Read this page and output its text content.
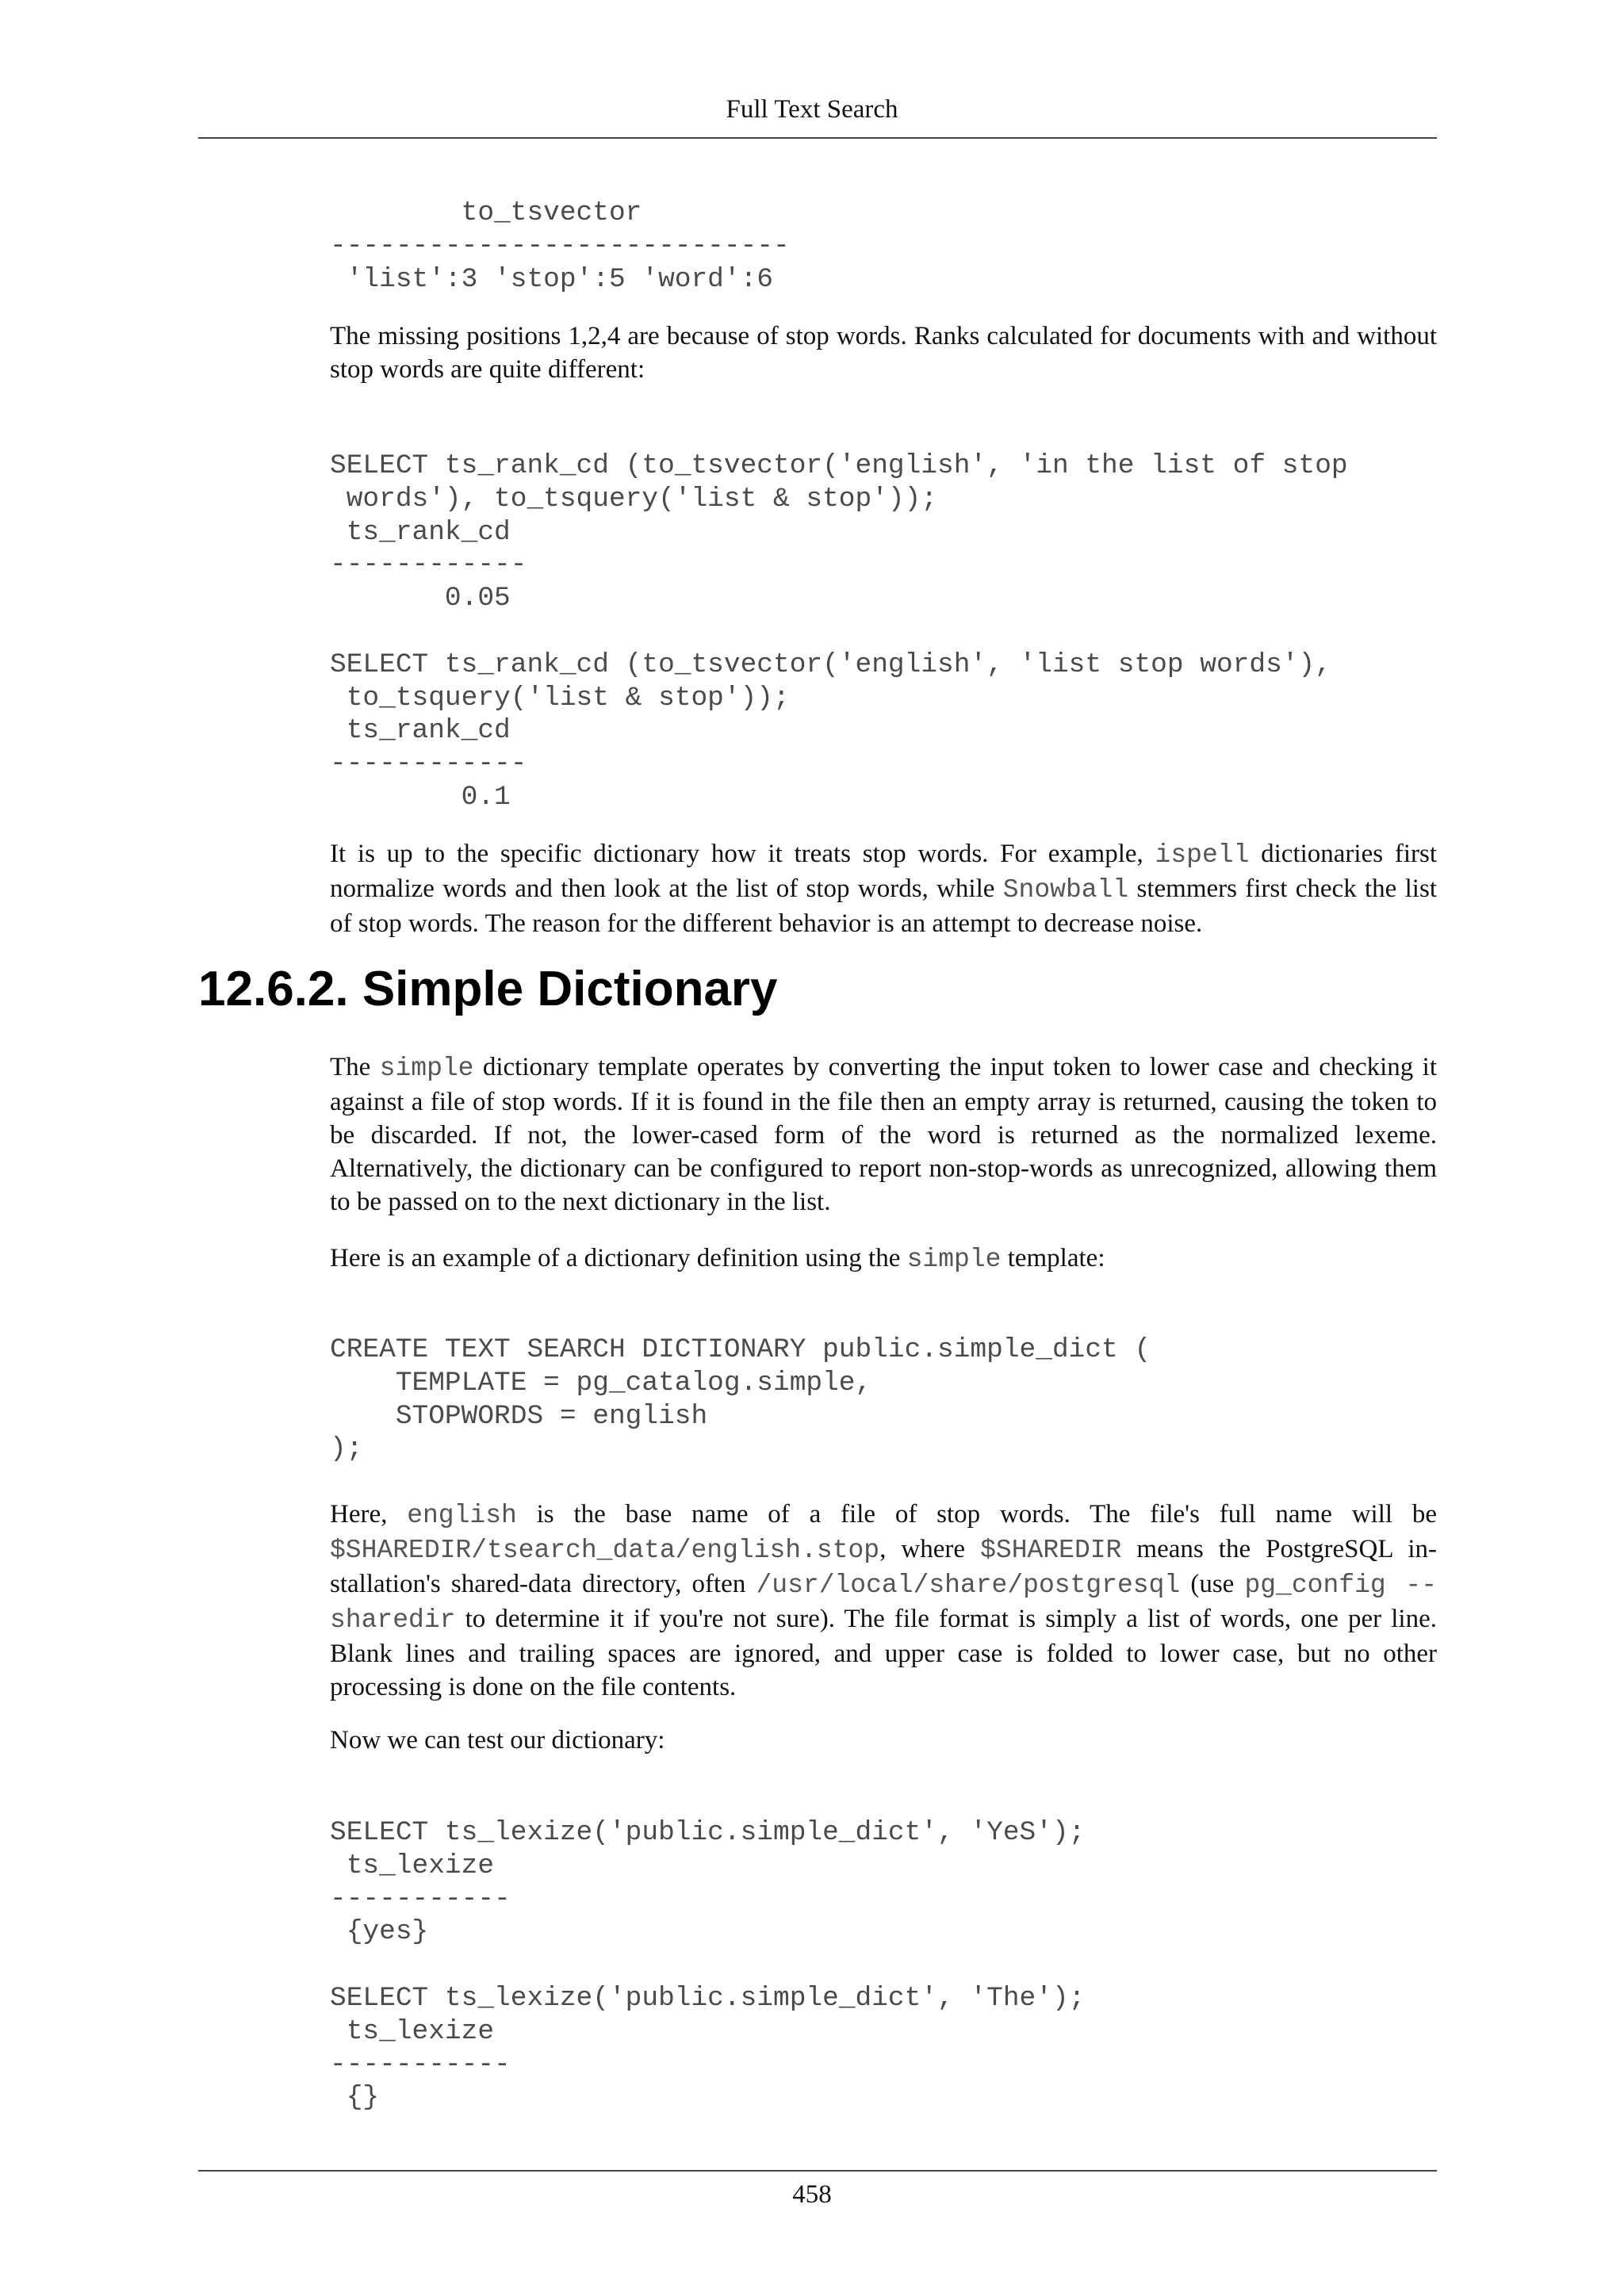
Full Text Search
to_tsvector
----------------------------
'list':3 'stop':5 'word':6

The missing positions 1,2,4 are because of stop words. Ranks calculated for documents with and without stop words are quite different:

SELECT ts_rank_cd (to_tsvector('english', 'in the list of stop
words'), to_tsquery('list & stop'));
ts_rank_cd
------------
0.05

SELECT ts_rank_cd (to_tsvector('english', 'list stop words'),
to_tsquery('list & stop'));
ts_rank_cd
------------
0.1

It is up to the specific dictionary how it treats stop words. For example, ispell dictionaries first normalize words and then look at the list of stop words, while Snowball stemmers first check the list of stop words. The reason for the different behavior is an attempt to decrease noise.

The simple dictionary template operates by converting the input token to lower case and checking it against a file of stop words. If it is found in the file then an empty array is returned, causing the token to be discarded. If not, the lower-cased form of the word is returned as the normalized lexeme. Alternatively, the dictionary can be configured to report non-stop-words as unrecognized, allowing them to be passed on to the next dictionary in the list.

Here is an example of a dictionary definition using the simple template:

CREATE TEXT SEARCH DICTIONARY public.simple_dict (
TEMPLATE = pg_catalog.simple,
STOPWORDS = english
);

Here, english is the base name of a file of stop words. The file's full name will be $SHAREDIR/tsearch_data/english.stop, where $SHAREDIR means the PostgreSQL in-stallation's shared-data directory, often /usr/local/share/postgresql (use pg_config --sharedir to determine it if you're not sure). The file format is simply a list of words, one per line. Blank lines and trailing spaces are ignored, and upper case is folded to lower case, but no other processing is done on the file contents.

Now we can test our dictionary:

SELECT ts_lexize('public.simple_dict', 'YeS');
ts_lexize
-----------
{yes}

SELECT ts_lexize('public.simple_dict', 'The');
ts_lexize
-----------
{}
12.6.2. Simple Dictionary
458
